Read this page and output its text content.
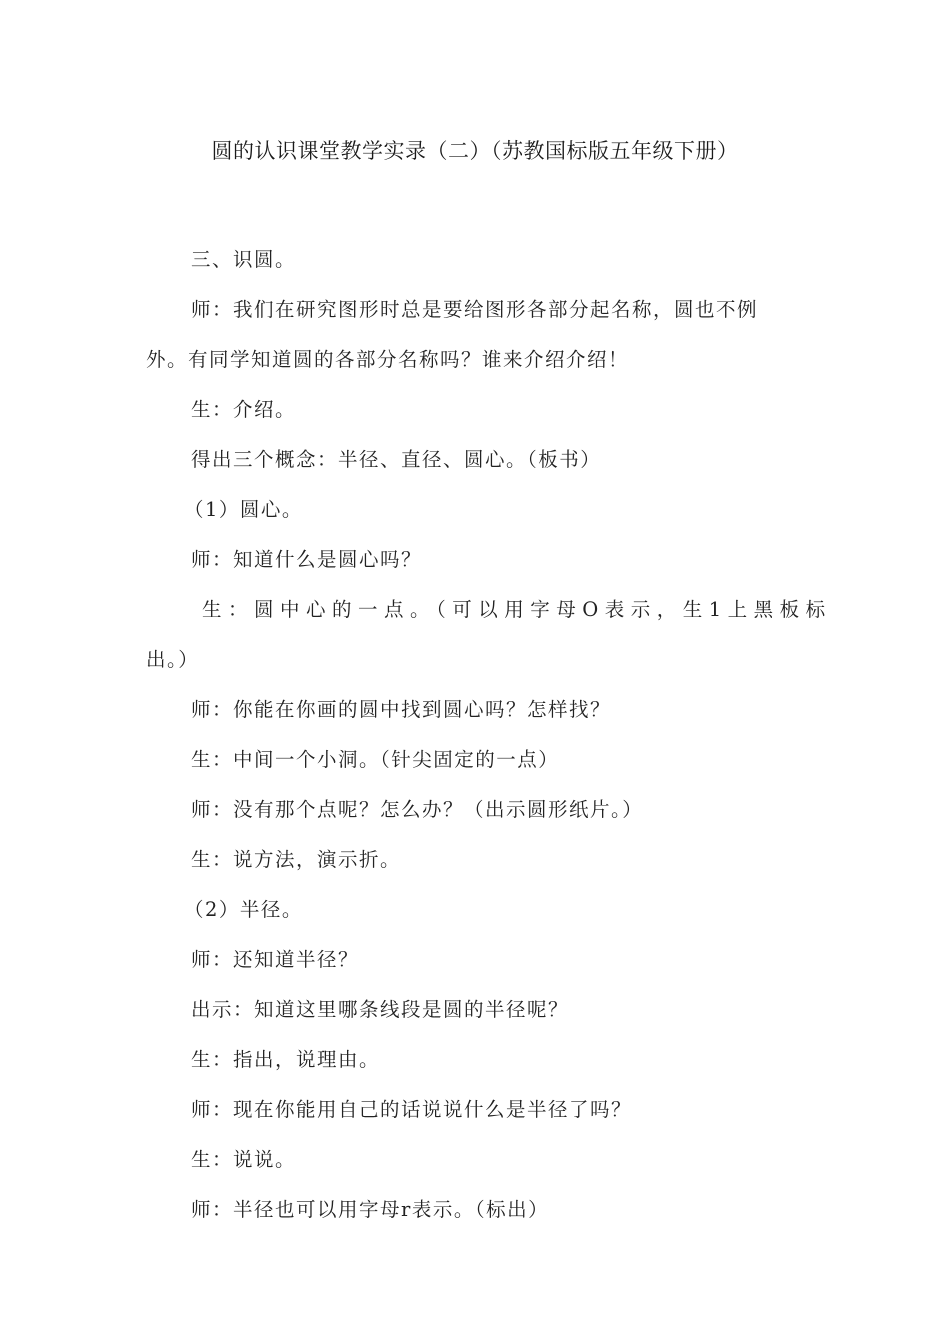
圆的认识课堂教学实录（二）（苏教国标版五年级下册）

三、识圆。

师：我们在研究图形时总是要给图形各部分起名称，圆也不例

外。有同学知道圆的各部分名称吗？谁来介绍介绍！

生：介绍。

得出三个概念：半径、直径、圆心。（板书）

（1）圆心。

师：知道什么是圆心吗？

生：圆中心的一点。（可以用字母O表示，生1上黑板标

出。）

师：你能在你画的圆中找到圆心吗？怎样找？

生：中间一个小洞。（针尖固定的一点）

师：没有那个点呢？怎么办？（出示圆形纸片。）

生：说方法，演示折。

（2）半径。

师：还知道半径？

出示：知道这里哪条线段是圆的半径呢？

生：指出，说理由。

师：现在你能用自己的话说说什么是半径了吗？

生：说说。

师：半径也可以用字母r表示。（标出）
